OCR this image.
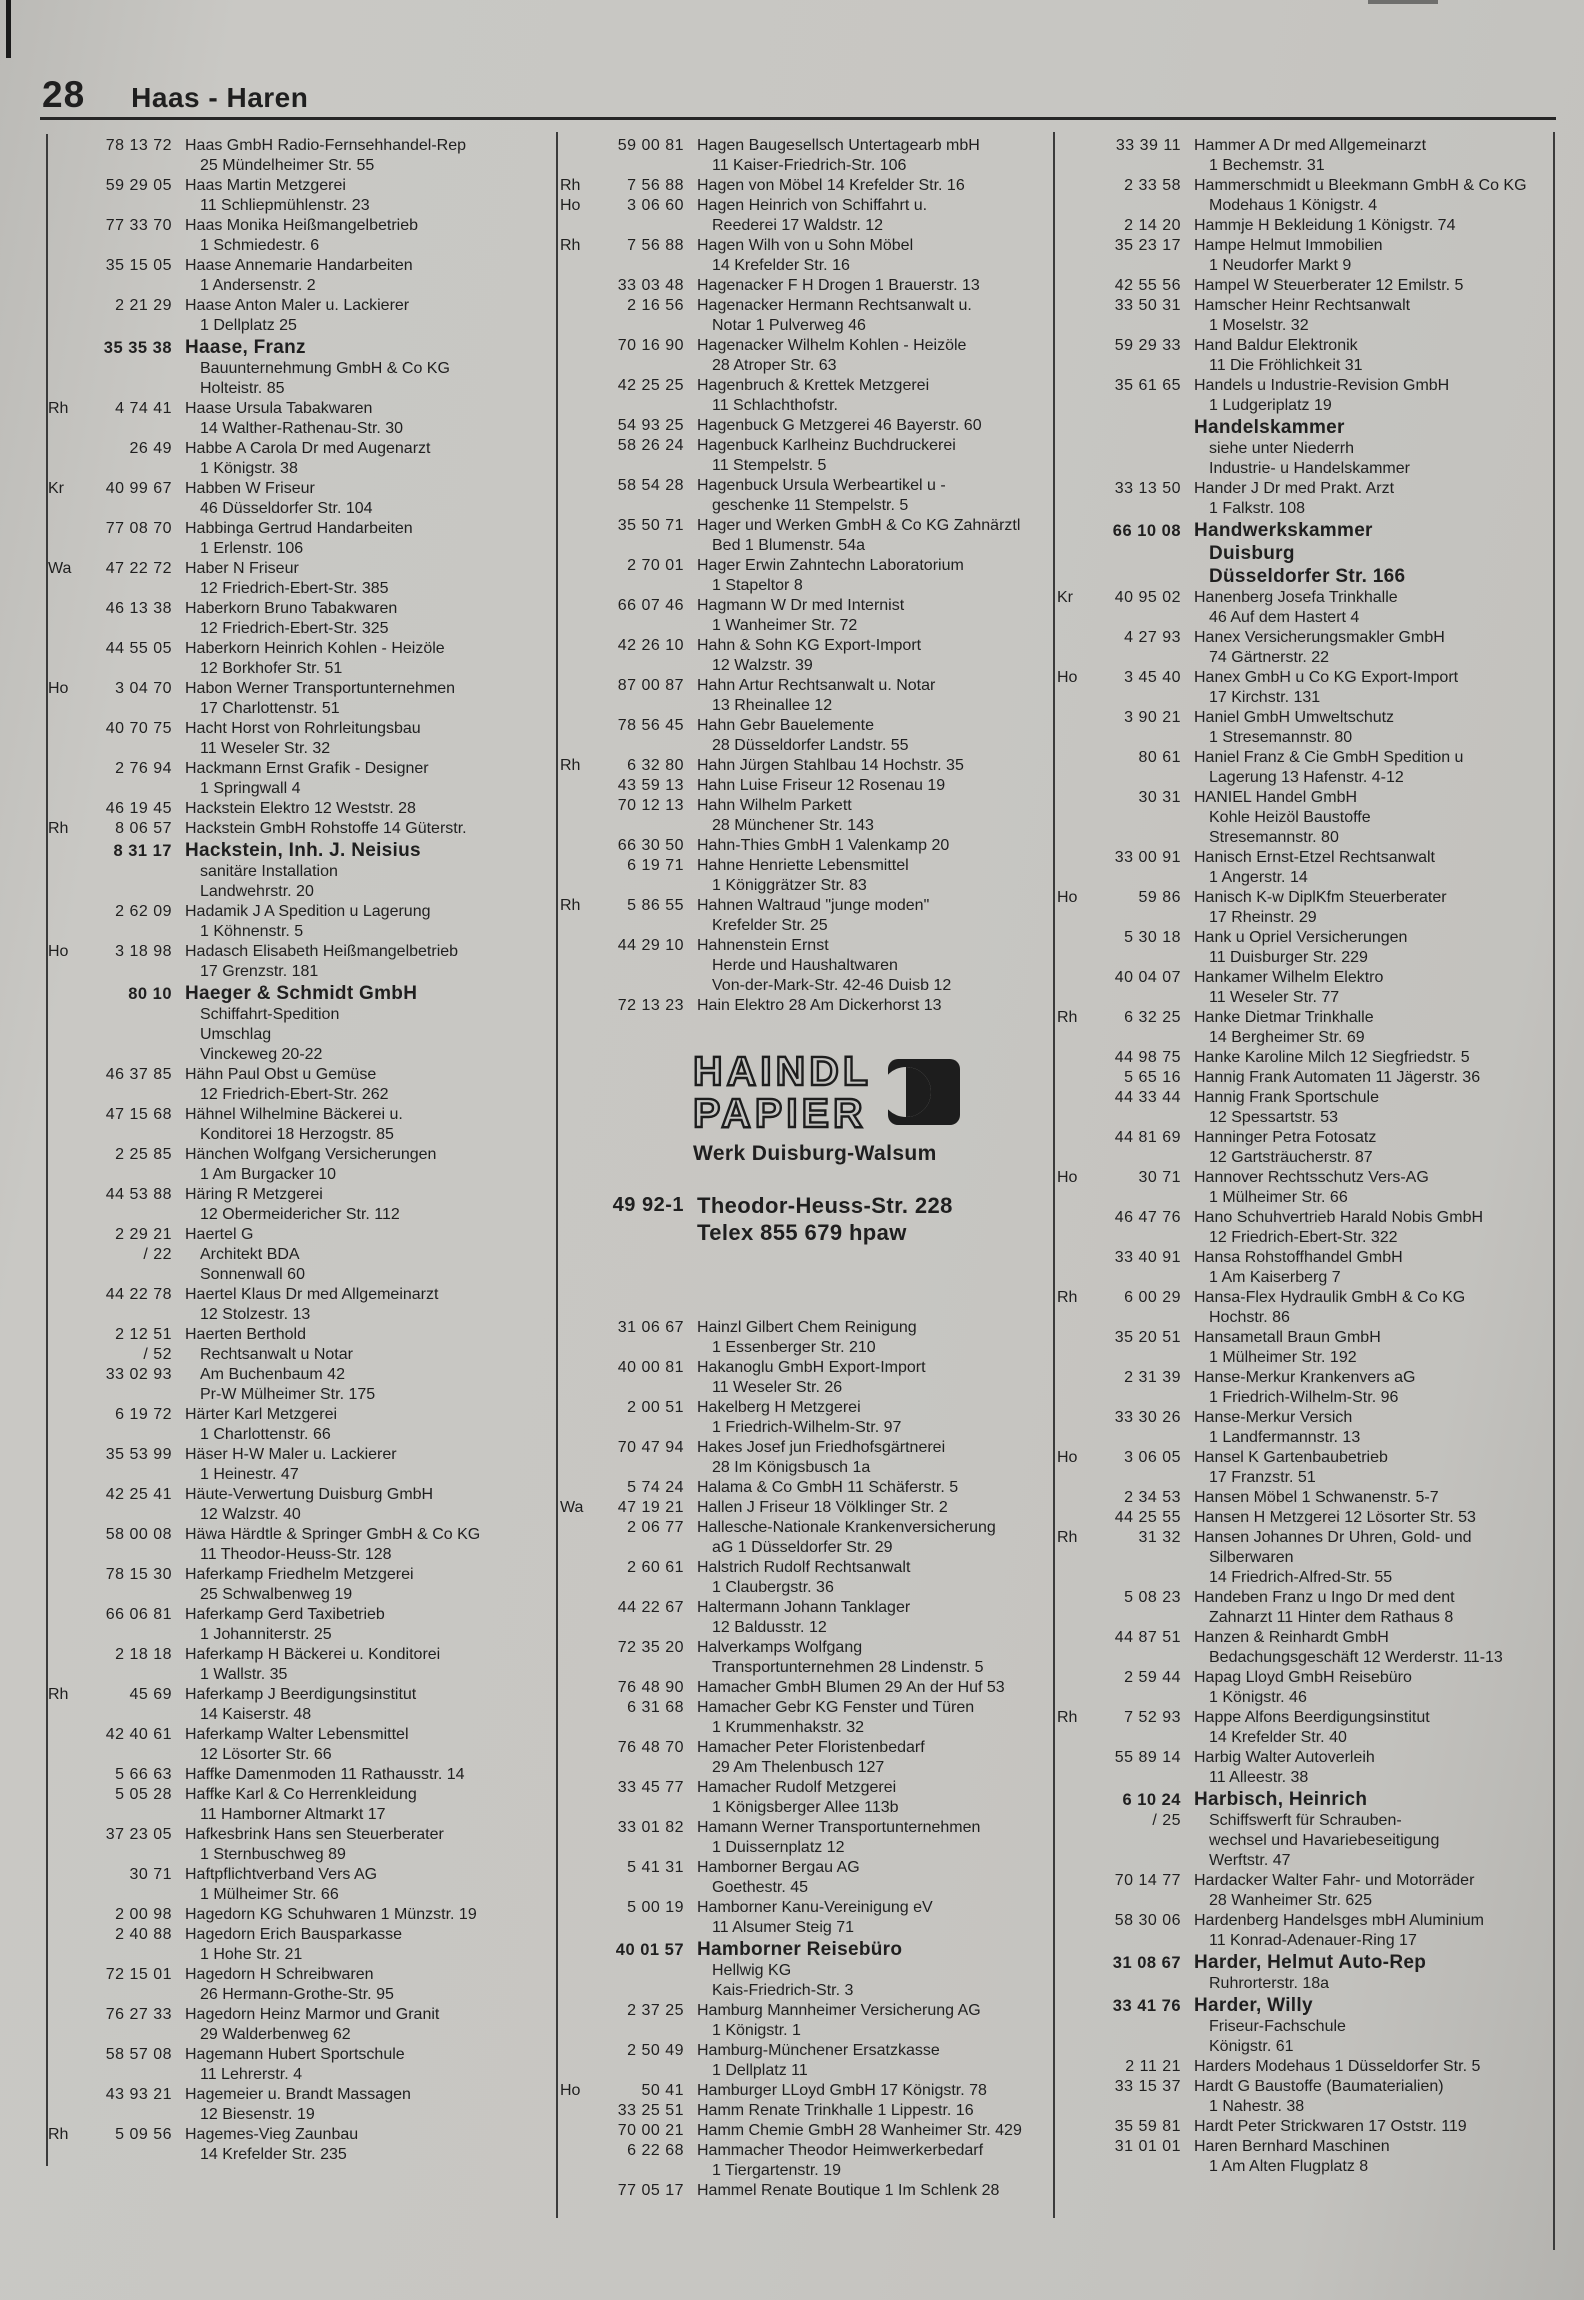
28 Haas - Haren
78 13 72 Haas GmbH Radio-Fernsehhandel-Rep
25 Mündelheimer Str. 55
59 29 05 Haas Martin Metzgerei
11 Schliepmühlenstr. 23
77 33 70 Haas Monika Heißmangelbetrieb
1 Schmiedestr. 6
35 15 05 Haase Annemarie Handarbeiten
1 Andersenstr. 2
2 21 29 Haase Anton Maler u. Lackierer
1 Dellplatz 25
35 35 38 Haase, Franz
Bauunternehmung GmbH & Co KG
Holteistr. 85
Rh	4 74 41 Haase Ursula Tabakwaren
14 Walther-Rathenau-Str. 30
26 49 Habbe A Carola Dr med Augenarzt
1 Königstr. 38
Kr	40 99 67 Habben W Friseur
46 Düsseldorfer Str. 104
77 08 70 Habbinga Gertrud Handarbeiten
1 Erlenstr. 106
Wa	47 22 72 Haber N Friseur
12 Friedrich-Ebert-Str. 385
46 13 38 Haberkorn Bruno Tabakwaren
12 Friedrich-Ebert-Str. 325
44 55 05 Haberkorn Heinrich Kohlen - Heizöle
12 Borkhofer Str. 51
Ho	3 04 70 Habon Werner Transportunternehmen
17 Charlottenstr. 51
40 70 75 Hacht Horst von Rohrleitungsbau
11 Weseler Str. 32
2 76 94 Hackmann Ernst Grafik - Designer
1 Springwall 4
46 19 45 Hackstein Elektro 12 Weststr. 28
Rh	8 06 57 Hackstein GmbH Rohstoffe 14 Güterstr.
8 31 17 Hackstein, Inh. J. Neisius
sanitäre Installation
Landwehrstr. 20
2 62 09 Hadamik J A Spedition u Lagerung
1 Köhnenstr. 5
Ho	3 18 98 Hadasch Elisabeth Heißmangelbetrieb
17 Grenzstr. 181
80 10 Haeger & Schmidt GmbH
Schiffahrt-Spedition
Umschlag
Vinckeweg 20-22
46 37 85 Hähn Paul Obst u Gemüse
12 Friedrich-Ebert-Str. 262
47 15 68 Hähnel Wilhelmine Bäckerei u.
Konditorei 18 Herzogstr. 85
2 25 85 Hänchen Wolfgang Versicherungen
1 Am Burgacker 10
44 53 88 Häring R Metzgerei
12 Obermeidericher Str. 112
2 29 21 Haertel G
/ 22	Architekt BDA
Sonnenwall 60
44 22 78 Haertel Klaus Dr med Allgemeinarzt
12 Stolzestr. 13
2 12 51 Haerten Berthold
/ 52	Rechtsanwalt u Notar
33 02 93	Am Buchenbaum 42
Pr-W Mülheimer Str. 175
6 19 72 Härter Karl Metzgerei
1 Charlottenstr. 66
35 53 99 Häser H-W Maler u. Lackierer
1 Heinestr. 47
42 25 41 Häute-Verwertung Duisburg GmbH
12 Walzstr. 40
58 00 08 Häwa Härdtle & Springer GmbH & Co KG
11 Theodor-Heuss-Str. 128
78 15 30 Haferkamp Friedhelm Metzgerei
25 Schwalbenweg 19
66 06 81 Haferkamp Gerd Taxibetrieb
1 Johanniterstr. 25
2 18 18 Haferkamp H Bäckerei u. Konditorei
1 Wallstr. 35
Rh	45 69 Haferkamp J Beerdigungsinstitut
14 Kaiserstr. 48
42 40 61 Haferkamp Walter Lebensmittel
12 Lösorter Str. 66
5 66 63 Haffke Damenmoden 11 Rathausstr. 14
5 05 28 Haffke Karl & Co Herrenkleidung
11 Hamborner Altmarkt 17
37 23 05 Hafkesbrink Hans sen Steuerberater
1 Sternbuschweg 89
30 71 Haftpflichtverband Vers AG
1 Mülheimer Str. 66
2 00 98 Hagedorn KG Schuhwaren 1 Münzstr. 19
2 40 88 Hagedorn Erich Bausparkasse
1 Hohe Str. 21
72 15 01 Hagedorn H Schreibwaren
26 Hermann-Grothe-Str. 95
76 27 33 Hagedorn Heinz Marmor und Granit
29 Walderbenweg 62
58 57 08 Hagemann Hubert Sportschule
11 Lehrerstr. 4
43 93 21 Hagemeier u. Brandt Massagen
12 Biesenstr. 19
Rh	5 09 56 Hagemes-Vieg Zaunbau
14 Krefelder Str. 235
59 00 81 Hagen Baugesellsch Untertagearb mbH
11 Kaiser-Friedrich-Str. 106
Rh	7 56 88 Hagen von Möbel 14 Krefelder Str. 16
Ho	3 06 60 Hagen Heinrich von Schiffahrt u.
Reederei 17 Waldstr. 12
Rh	7 56 88 Hagen Wilh von u Sohn Möbel
14 Krefelder Str. 16
33 03 48 Hagenacker F H Drogen 1 Brauerstr. 13
2 16 56 Hagenacker Hermann Rechtsanwalt u.
Notar 1 Pulverweg 46
70 16 90 Hagenacker Wilhelm Kohlen - Heizöle
28 Atroper Str. 63
42 25 25 Hagenbruch & Krettek Metzgerei
11 Schlachthofstr.
54 93 25 Hagenbuck G Metzgerei 46 Bayerstr. 60
58 26 24 Hagenbuck Karlheinz Buchdruckerei
11 Stempelstr. 5
58 54 28 Hagenbuck Ursula Werbeartikel u -
geschenke 11 Stempelstr. 5
35 50 71 Hager und Werken GmbH & Co KG Zahnärztl
Bed 1 Blumenstr. 54a
2 70 01 Hager Erwin Zahntechn Laboratorium
1 Stapeltor 8
66 07 46 Hagmann W Dr med Internist
1 Wanheimer Str. 72
42 26 10 Hahn & Sohn KG Export-Import
12 Walzstr. 39
87 00 87 Hahn Artur Rechtsanwalt u. Notar
13 Rheinallee 12
78 56 45 Hahn Gebr Bauelemente
28 Düsseldorfer Landstr. 55
Rh	6 32 80 Hahn Jürgen Stahlbau 14 Hochstr. 35
43 59 13 Hahn Luise Friseur 12 Rosenau 19
70 12 13 Hahn Wilhelm Parkett
28 Münchener Str. 143
66 30 50 Hahn-Thies GmbH 1 Valenkamp 20
6 19 71 Hahne Henriette Lebensmittel
1 Königgrätzer Str. 83
Rh	5 86 55 Hahnen Waltraud "junge moden"
Krefelder Str. 25
44 29 10 Hahnenstein Ernst
Herde und Haushaltwaren
Von-der-Mark-Str. 42-46 Duisb 12
72 13 23 Hain Elektro 28 Am Dickerhorst 13
HAINDL
PAPIER
Werk Duisburg-Walsum
49 92-1 Theodor-Heuss-Str. 228
Telex 855 679 hpaw
31 06 67 Hainzl Gilbert Chem Reinigung
1 Essenberger Str. 210
40 00 81 Hakanoglu GmbH Export-Import
11 Weseler Str. 26
2 00 51 Hakelberg H Metzgerei
1 Friedrich-Wilhelm-Str. 97
70 47 94 Hakes Josef jun Friedhofsgärtnerei
28 Im Königsbusch 1a
5 74 24 Halama & Co GmbH 11 Schäferstr. 5
Wa	47 19 21 Hallen J Friseur 18 Völklinger Str. 2
2 06 77 Hallesche-Nationale Krankenversicherung
aG 1 Düsseldorfer Str. 29
2 60 61 Halstrich Rudolf Rechtsanwalt
1 Claubergstr. 36
44 22 67 Haltermann Johann Tanklager
12 Baldusstr. 12
72 35 20 Halverkamps Wolfgang
Transportunternehmen 28 Lindenstr. 5
76 48 90 Hamacher GmbH Blumen 29 An der Huf 53
6 31 68 Hamacher Gebr KG Fenster und Türen
1 Krummenhakstr. 32
76 48 70 Hamacher Peter Floristenbedarf
29 Am Thelenbusch 127
33 45 77 Hamacher Rudolf Metzgerei
1 Königsberger Allee 113b
33 01 82 Hamann Werner Transportunternehmen
1 Duissernplatz 12
5 41 31 Hamborner Bergau AG
Goethestr. 45
5 00 19 Hamborner Kanu-Vereinigung eV
11 Alsumer Steig 71
40 01 57 Hamborner Reisebüro
Hellwig KG
Kais-Friedrich-Str. 3
2 37 25 Hamburg Mannheimer Versicherung AG
1 Königstr. 1
2 50 49 Hamburg-Münchener Ersatzkasse
1 Dellplatz 11
Ho	50 41 Hamburger LLoyd GmbH 17 Königstr. 78
33 25 51 Hamm Renate Trinkhalle 1 Lippestr. 16
70 00 21 Hamm Chemie GmbH 28 Wanheimer Str. 429
6 22 68 Hammacher Theodor Heimwerkerbedarf
1 Tiergartenstr. 19
77 05 17 Hammel Renate Boutique 1 Im Schlenk 28
33 39 11 Hammer A Dr med Allgemeinarzt
1 Bechemstr. 31
2 33 58 Hammerschmidt u Bleekmann GmbH & Co KG
Modehaus 1 Königstr. 4
2 14 20 Hammje H Bekleidung 1 Königstr. 74
35 23 17 Hampe Helmut Immobilien
1 Neudorfer Markt 9
42 55 56 Hampel W Steuerberater 12 Emilstr. 5
33 50 31 Hamscher Heinr Rechtsanwalt
1 Moselstr. 32
59 29 33 Hand Baldur Elektronik
11 Die Fröhlichkeit 31
35 61 65 Handels u Industrie-Revision GmbH
1 Ludgeriplatz 19
Handelskammer
siehe unter Niederrh
Industrie- u Handelskammer
33 13 50 Hander J Dr med Prakt. Arzt
1 Falkstr. 108
66 10 08 Handwerkskammer
Duisburg
Düsseldorfer Str. 166
Kr	40 95 02 Hanenberg Josefa Trinkhalle
46 Auf dem Hastert 4
4 27 93 Hanex Versicherungsmakler GmbH
74 Gärtnerstr. 22
Ho	3 45 40 Hanex GmbH u Co KG Export-Import
17 Kirchstr. 131
3 90 21 Haniel GmbH Umweltschutz
1 Stresemannstr. 80
80 61 Haniel Franz & Cie GmbH Spedition u
Lagerung 13 Hafenstr. 4-12
30 31 HANIEL Handel GmbH
Kohle Heizöl Baustoffe
Stresemannstr. 80
33 00 91 Hanisch Ernst-Etzel Rechtsanwalt
1 Angerstr. 14
Ho	59 86 Hanisch K-w DiplKfm Steuerberater
17 Rheinstr. 29
5 30 18 Hank u Opriel Versicherungen
11 Duisburger Str. 229
40 04 07 Hankamer Wilhelm Elektro
11 Weseler Str. 77
Rh	6 32 25 Hanke Dietmar Trinkhalle
14 Bergheimer Str. 69
44 98 75 Hanke Karoline Milch 12 Siegfriedstr. 5
5 65 16 Hannig Frank Automaten 11 Jägerstr. 36
44 33 44 Hannig Frank Sportschule
12 Spessartstr. 53
44 81 69 Hanninger Petra Fotosatz
12 Gartsträucherstr. 87
Ho	30 71 Hannover Rechtsschutz Vers-AG
1 Mülheimer Str. 66
46 47 76 Hano Schuhvertrieb Harald Nobis GmbH
12 Friedrich-Ebert-Str. 322
33 40 91 Hansa Rohstoffhandel GmbH
1 Am Kaiserberg 7
Rh	6 00 29 Hansa-Flex Hydraulik GmbH & Co KG
Hochstr. 86
35 20 51 Hansametall Braun GmbH
1 Mülheimer Str. 192
2 31 39 Hanse-Merkur Krankenvers aG
1 Friedrich-Wilhelm-Str. 96
33 30 26 Hanse-Merkur Versich
1 Landfermannstr. 13
Ho	3 06 05 Hansel K Gartenbaubetrieb
17 Franzstr. 51
2 34 53 Hansen Möbel 1 Schwanenstr. 5-7
44 25 55 Hansen H Metzgerei 12 Lösorter Str. 53
Rh	31 32 Hansen Johannes Dr Uhren, Gold- und
Silberwaren
14 Friedrich-Alfred-Str. 55
5 08 23 Handeben Franz u Ingo Dr med dent
Zahnarzt 11 Hinter dem Rathaus 8
44 87 51 Hanzen & Reinhardt GmbH
Bedachungsgeschäft 12 Werderstr. 11-13
2 59 44 Hapag Lloyd GmbH Reisebüro
1 Königstr. 46
Rh	7 52 93 Happe Alfons Beerdigungsinstitut
14 Krefelder Str. 40
55 89 14 Harbig Walter Autoverleih
11 Alleestr. 38
6 10 24 Harbisch, Heinrich
/ 25	Schiffswerft für Schrauben-
wechsel und Havariebeseitigung
Werftstr. 47
70 14 77 Hardacker Walter Fahr- und Motorräder
28 Wanheimer Str. 625
58 30 06 Hardenberg Handelsges mbH Aluminium
11 Konrad-Adenauer-Ring 17
31 08 67 Harder, Helmut Auto-Rep
Ruhrorterstr. 18a
33 41 76 Harder, Willy
Friseur-Fachschule
Königstr. 61
2 11 21 Harders Modehaus 1 Düsseldorfer Str. 5
33 15 37 Hardt G Baustoffe (Baumaterialien)
1 Nahestr. 38
35 59 81 Hardt Peter Strickwaren 17 Oststr. 119
31 01 01 Haren Bernhard Maschinen
1 Am Alten Flugplatz 8
